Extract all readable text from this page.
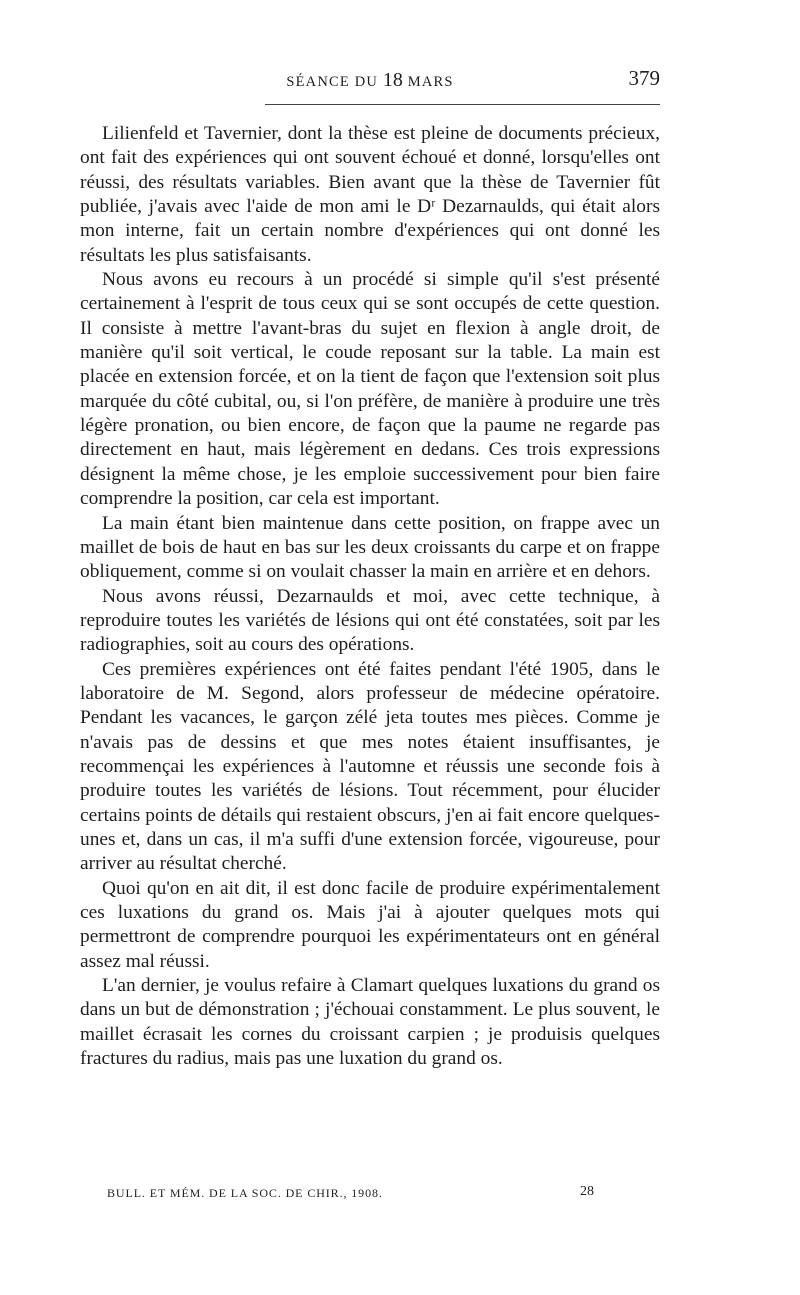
SÉANCE DU 18 MARS	379

Lilienfeld et Tavernier, dont la thèse est pleine de documents précieux, ont fait des expériences qui ont souvent échoué et donné, lorsqu'elles ont réussi, des résultats variables. Bien avant que la thèse de Tavernier fût publiée, j'avais avec l'aide de mon ami le Dʳ Dezarnaulds, qui était alors mon interne, fait un certain nombre d'expériences qui ont donné les résultats les plus satisfaisants.

Nous avons eu recours à un procédé si simple qu'il s'est présenté certainement à l'esprit de tous ceux qui se sont occupés de cette question. Il consiste à mettre l'avant-bras du sujet en flexion à angle droit, de manière qu'il soit vertical, le coude reposant sur la table. La main est placée en extension forcée, et on la tient de façon que l'extension soit plus marquée du côté cubital, ou, si l'on préfère, de manière à produire une très légère pronation, ou bien encore, de façon que la paume ne regarde pas directement en haut, mais légèrement en dedans. Ces trois expressions désignent la même chose, je les emploie successivement pour bien faire comprendre la position, car cela est important.

La main étant bien maintenue dans cette position, on frappe avec un maillet de bois de haut en bas sur les deux croissants du carpe et on frappe obliquement, comme si on voulait chasser la main en arrière et en dehors.

Nous avons réussi, Dezarnaulds et moi, avec cette technique, à reproduire toutes les variétés de lésions qui ont été constatées, soit par les radiographies, soit au cours des opérations.

Ces premières expériences ont été faites pendant l'été 1905, dans le laboratoire de M. Segond, alors professeur de médecine opératoire. Pendant les vacances, le garçon zélé jeta toutes mes pièces. Comme je n'avais pas de dessins et que mes notes étaient insuffisantes, je recommençai les expériences à l'automne et réussis une seconde fois à produire toutes les variétés de lésions. Tout récemment, pour élucider certains points de détails qui restaient obscurs, j'en ai fait encore quelques-unes et, dans un cas, il m'a suffi d'une extension forcée, vigoureuse, pour arriver au résultat cherché.

Quoi qu'on en ait dit, il est donc facile de produire expérimentalement ces luxations du grand os. Mais j'ai à ajouter quelques mots qui permettront de comprendre pourquoi les expérimentateurs ont en général assez mal réussi.

L'an dernier, je voulus refaire à Clamart quelques luxations du grand os dans un but de démonstration ; j'échouai constamment. Le plus souvent, le maillet écrasait les cornes du croissant carpien ; je produisis quelques fractures du radius, mais pas une luxation du grand os.

BULL. ET MÉM. DE LA SOC. DE CHIR., 1908.	28
